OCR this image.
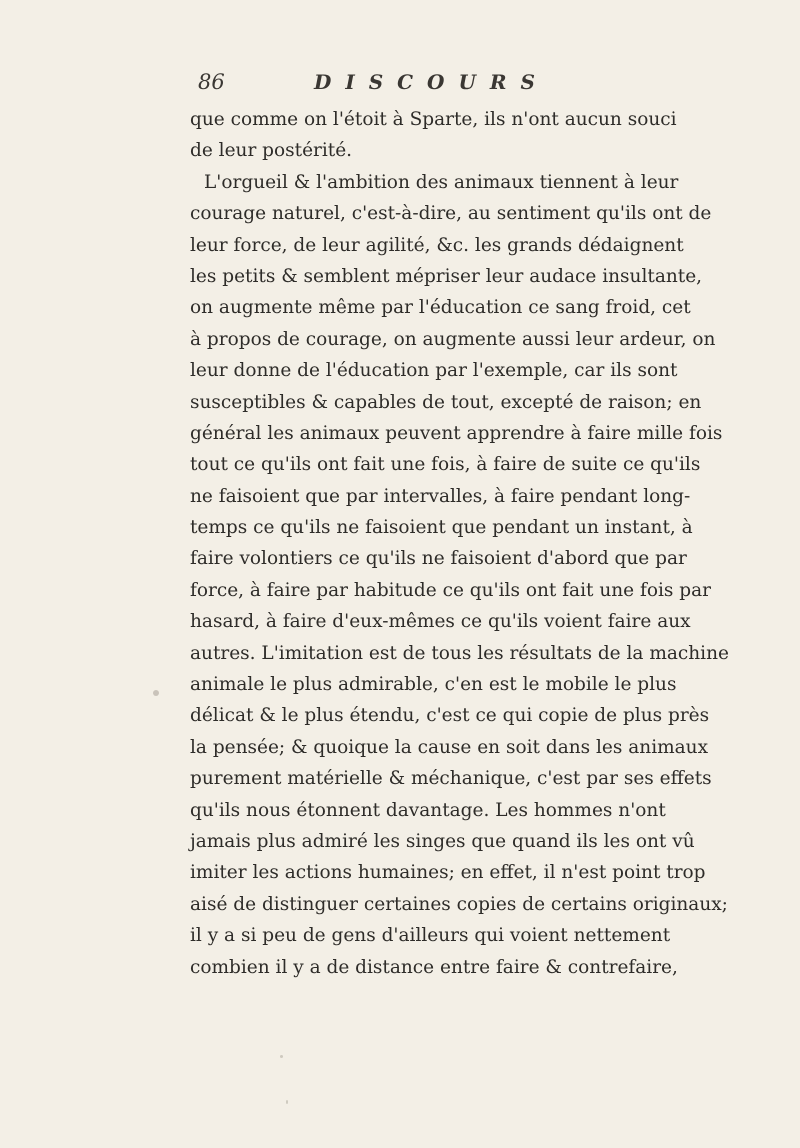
86	DISCOURS
que comme on l'étoit à Sparte, ils n'ont aucun souci
de leur postérité.
L'orgueil & l'ambition des animaux tiennent à leur
courage naturel, c'est-à-dire, au sentiment qu'ils ont de
leur force, de leur agilité, &c. les grands dédaignent
les petits & semblent mépriser leur audace insultante,
on augmente même par l'éducation ce sang froid, cet
à propos de courage, on augmente aussi leur ardeur, on
leur donne de l'éducation par l'exemple, car ils sont
susceptibles & capables de tout, excepté de raison; en
général les animaux peuvent apprendre à faire mille fois
tout ce qu'ils ont fait une fois, à faire de suite ce qu'ils
ne faisoient que par intervalles, à faire pendant long-
temps ce qu'ils ne faisoient que pendant un instant, à
faire volontiers ce qu'ils ne faisoient d'abord que par
force, à faire par habitude ce qu'ils ont fait une fois par
hasard, à faire d'eux-mêmes ce qu'ils voient faire aux
autres. L'imitation est de tous les résultats de la machine
animale le plus admirable, c'en est le mobile le plus
délicat & le plus étendu, c'est ce qui copie de plus près
la pensée; & quoique la cause en soit dans les animaux
purement matérielle & méchanique, c'est par ses effets
qu'ils nous étonnent davantage. Les hommes n'ont
jamais plus admiré les singes que quand ils les ont vû
imiter les actions humaines; en effet, il n'est point trop
aisé de distinguer certaines copies de certains originaux;
il y a si peu de gens d'ailleurs qui voient nettement
combien il y a de distance entre faire & contrefaire,
